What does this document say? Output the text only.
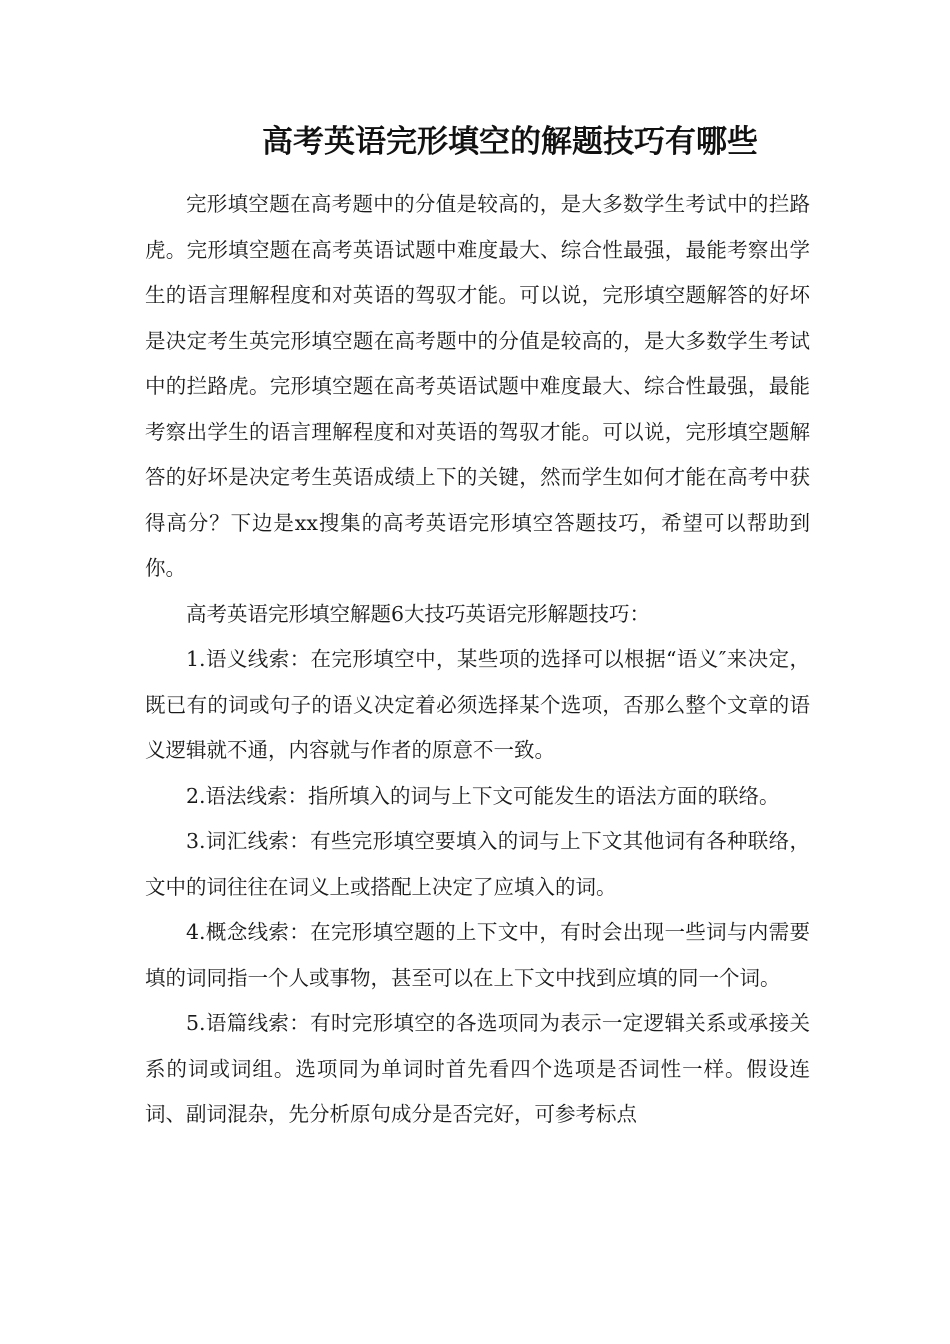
高考英语完形填空的解题技巧有哪些

完形填空题在高考题中的分值是较高的，是大多数学生考试中的拦路虎。完形填空题在高考英语试题中难度最大、综合性最强，最能考察出学生的语言理解程度和对英语的驾驭才能。可以说，完形填空题解答的好坏是决定考生英完形填空题在高考题中的分值是较高的，是大多数学生考试中的拦路虎。完形填空题在高考英语试题中难度最大、综合性最强，最能考察出学生的语言理解程度和对英语的驾驭才能。可以说，完形填空题解答的好坏是决定考生英语成绩上下的关键，然而学生如何才能在高考中获得高分？下边是xx搜集的高考英语完形填空答题技巧，希望可以帮助到你。

高考英语完形填空解题6大技巧英语完形解题技巧：

1.语义线索：在完形填空中，某些项的选择可以根据“语义″来决定，既已有的词或句子的语义决定着必须选择某个选项，否那么整个文章的语义逻辑就不通，内容就与作者的原意不一致。

2.语法线索：指所填入的词与上下文可能发生的语法方面的联络。

3.词汇线索：有些完形填空要填入的词与上下文其他词有各种联络，文中的词往往在词义上或搭配上决定了应填入的词。

4.概念线索：在完形填空题的上下文中，有时会出现一些词与内需要填的词同指一个人或事物，甚至可以在上下文中找到应填的同一个词。

5.语篇线索：有时完形填空的各选项同为表示一定逻辑关系或承接关系的词或词组。选项同为单词时首先看四个选项是否词性一样。假设连词、副词混杂，先分析原句成分是否完好，可参考标点
